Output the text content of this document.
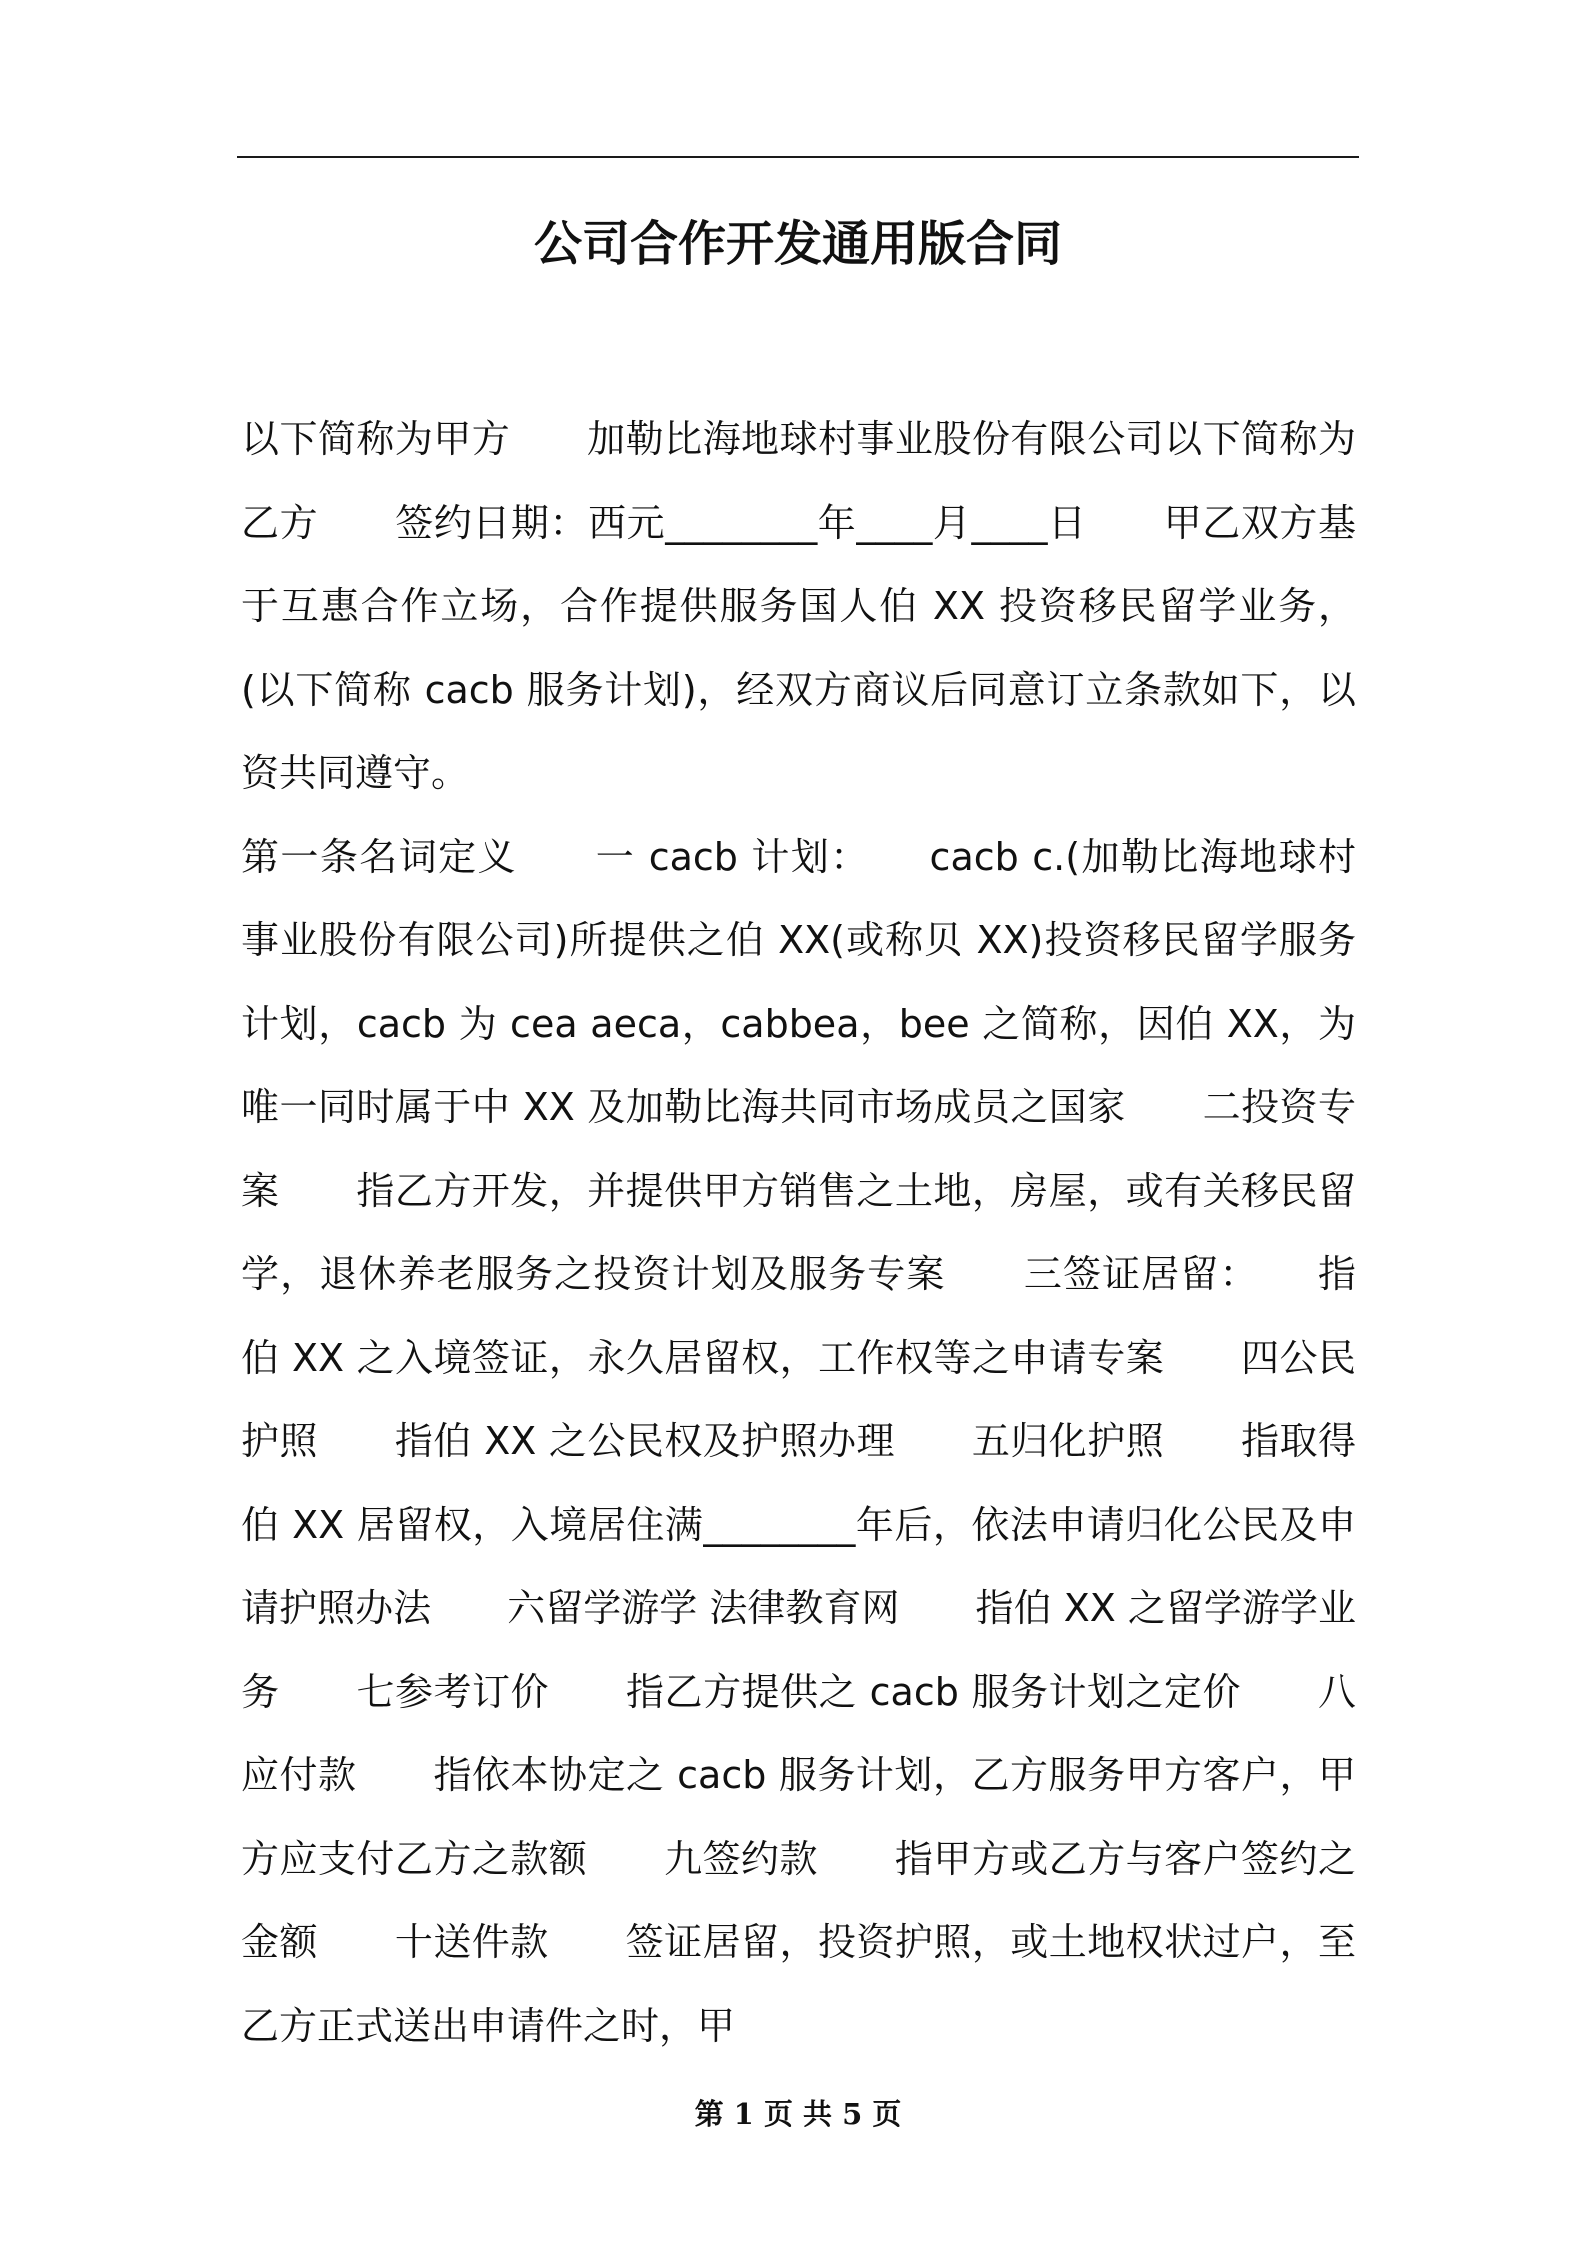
公司合作开发通用版合同

以下简称为甲方　　加勒比海地球村事业股份有限公司以下简称为乙方　　签约日期：西元________年____月____日　　甲乙双方基于互惠合作立场，合作提供服务国人伯 XX 投资移民留学业务，(以下简称 cacb 服务计划)，经双方商议后同意订立条款如下，以资共同遵守。

第一条名词定义　　一 cacb 计划：　　cacb c.(加勒比海地球村事业股份有限公司)所提供之伯 XX(或称贝 XX)投资移民留学服务计划，cacb 为 cea aeca，cabbea，bee 之简称，因伯 XX，为唯一同时属于中 XX 及加勒比海共同市场成员之国家　　二投资专案　　指乙方开发，并提供甲方销售之土地，房屋，或有关移民留学，退休养老服务之投资计划及服务专案　　三签证居留：　　指伯 XX 之入境签证，永久居留权，工作权等之申请专案　　四公民护照　　指伯 XX 之公民权及护照办理　　五归化护照　　指取得伯 XX 居留权，入境居住满________年后，依法申请归化公民及申请护照办法　　六留学游学 法律教育网　　指伯 XX 之留学游学业务　　七参考订价　　指乙方提供之 cacb 服务计划之定价　　八应付款　　指依本协定之 cacb 服务计划，乙方服务甲方客户，甲方应支付乙方之款额　　九签约款　　指甲方或乙方与客户签约之金额　　十送件款　　签证居留，投资护照，或土地权状过户，至乙方正式送出申请件之时，甲

第 1 页 共 5 页
